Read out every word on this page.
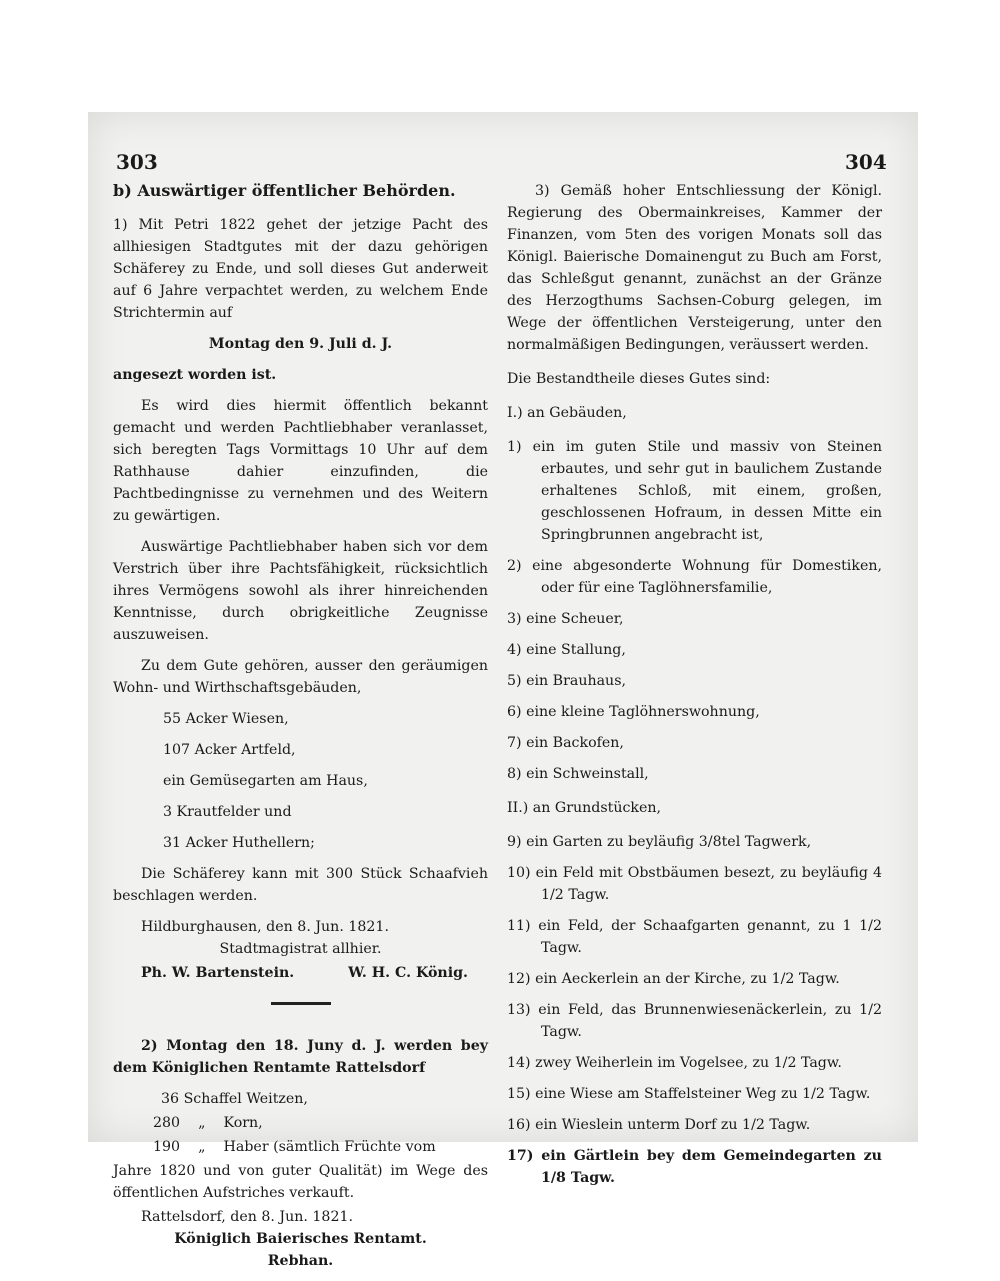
303	304

b) Auswärtiger öffentlicher Behörden.

1) Mit Petri 1822 gehet der jetzige Pacht des allhiesigen Stadtgutes mit der dazu gehörigen Schäferey zu Ende, und soll dieses Gut anderweit auf 6 Jahre verpachtet werden, zu welchem Ende Strichtermin auf

Montag den 9. Juli d. J.

angesezt worden ist.

Es wird dies hiermit öffentlich bekannt gemacht und werden Pachtliebhaber veranlasset, sich beregten Tags Vormittags 10 Uhr auf dem Rathhause dahier einzufinden, die Pachtbedingnisse zu vernehmen und des Weitern zu gewärtigen.

Auswärtige Pachtliebhaber haben sich vor dem Verstrich über ihre Pachtsfähigkeit, rücksichtlich ihres Vermögens sowohl als ihrer hinreichenden Kenntnisse, durch obrigkeitliche Zeugnisse auszuweisen.

Zu dem Gute gehören, ausser den geräumigen Wohn- und Wirthschaftsgebäuden,

55 Acker Wiesen,

107 Acker Artfeld,

ein Gemüsegarten am Haus,

3 Krautfelder und

31 Acker Huthellern;

Die Schäferey kann mit 300 Stück Schaafvieh beschlagen werden.

Hildburghausen, den 8. Jun. 1821.

Stadtmagistrat allhier.

Ph. W. Bartenstein.	W. H. C. König.

2) Montag den 18. Juny d. J. werden bey dem Königlichen Rentamte Rattelsdorf

36 Schaffel Weitzen,

280    „    Korn,

190    „    Haber (sämtlich Früchte vom

Jahre 1820 und von guter Qualität) im Wege des öffentlichen Aufstriches verkauft.

Rattelsdorf, den 8. Jun. 1821.

Königlich Baierisches Rentamt.

Rebhan.

3) Gemäß hoher Entschliessung der Königl. Regierung des Obermainkreises, Kammer der Finanzen, vom 5ten des vorigen Monats soll das Königl. Baierische Domainengut zu Buch am Forst, das Schleßgut genannt, zunächst an der Gränze des Herzogthums Sachsen-Coburg gelegen, im Wege der öffentlichen Versteigerung, unter den normalmäßigen Bedingungen, veräussert werden.

Die Bestandtheile dieses Gutes sind:

I.) an Gebäuden,

1) ein im guten Stile und massiv von Steinen erbautes, und sehr gut in baulichem Zustande erhaltenes Schloß, mit einem, großen, geschlossenen Hofraum, in dessen Mitte ein Springbrunnen angebracht ist,

2) eine abgesonderte Wohnung für Domestiken, oder für eine Taglöhnersfamilie,

3) eine Scheuer,

4) eine Stallung,

5) ein Brauhaus,

6) eine kleine Taglöhnerswohnung,

7) ein Backofen,

8) ein Schweinstall,

II.) an Grundstücken,

9) ein Garten zu beyläufig 3/8tel Tagwerk,

10) ein Feld mit Obstbäumen besezt, zu beyläufig 4 1/2 Tagw.

11) ein Feld, der Schaafgarten genannt, zu 1 1/2 Tagw.

12) ein Aeckerlein an der Kirche, zu 1/2 Tagw.

13) ein Feld, das Brunnenwiesenäckerlein, zu 1/2 Tagw.

14) zwey Weiherlein im Vogelsee, zu 1/2 Tagw.

15) eine Wiese am Staffelsteiner Weg zu 1/2 Tagw.

16) ein Wieslein unterm Dorf zu 1/2 Tagw.

17) ein Gärtlein bey dem Gemeindegarten zu 1/8 Tagw.
